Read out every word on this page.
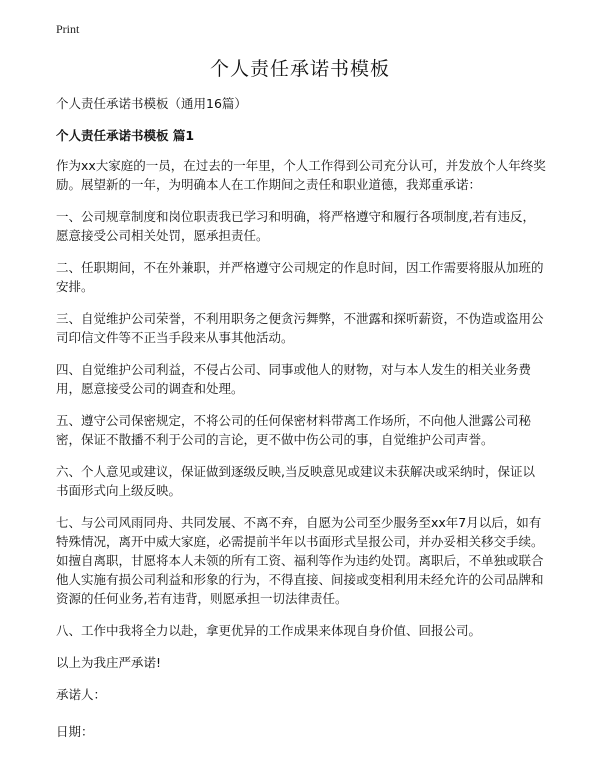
Print
个人责任承诺书模板

个人责任承诺书模板（通用16篇）

个人责任承诺书模板 篇1

作为xx大家庭的一员，在过去的一年里，个人工作得到公司充分认可，并发放个人年终奖励。展望新的一年，为明确本人在工作期间之责任和职业道德，我郑重承诺：

一、公司规章制度和岗位职责我已学习和明确，将严格遵守和履行各项制度,若有违反，愿意接受公司相关处罚，愿承担责任。

二、任职期间，不在外兼职，并严格遵守公司规定的作息时间，因工作需要将服从加班的安排。

三、自觉维护公司荣誉，不利用职务之便贪污舞弊，不泄露和探听薪资，不伪造或盗用公司印信文件等不正当手段来从事其他活动。

四、自觉维护公司利益，不侵占公司、同事或他人的财物，对与本人发生的相关业务费用，愿意接受公司的调查和处理。

五、遵守公司保密规定，不将公司的任何保密材料带离工作场所，不向他人泄露公司秘密，保证不散播不利于公司的言论，更不做中伤公司的事，自觉维护公司声誉。

六、个人意见或建议，保证做到逐级反映,当反映意见或建议未获解决或采纳时，保证以书面形式向上级反映。

七、与公司风雨同舟、共同发展、不离不弃，自愿为公司至少服务至xx年7月以后，如有特殊情况，离开中威大家庭，必需提前半年以书面形式呈报公司，并办妥相关移交手续。如擅自离职，甘愿将本人未领的所有工资、福利等作为违约处罚。离职后，不单独或联合他人实施有损公司利益和形象的行为，不得直接、间接或变相利用未经允许的公司品牌和资源的任何业务,若有违背，则愿承担一切法律责任。

八、工作中我将全力以赴，拿更优异的工作成果来体现自身价值、回报公司。

以上为我庄严承诺!

承诺人：

日期：
